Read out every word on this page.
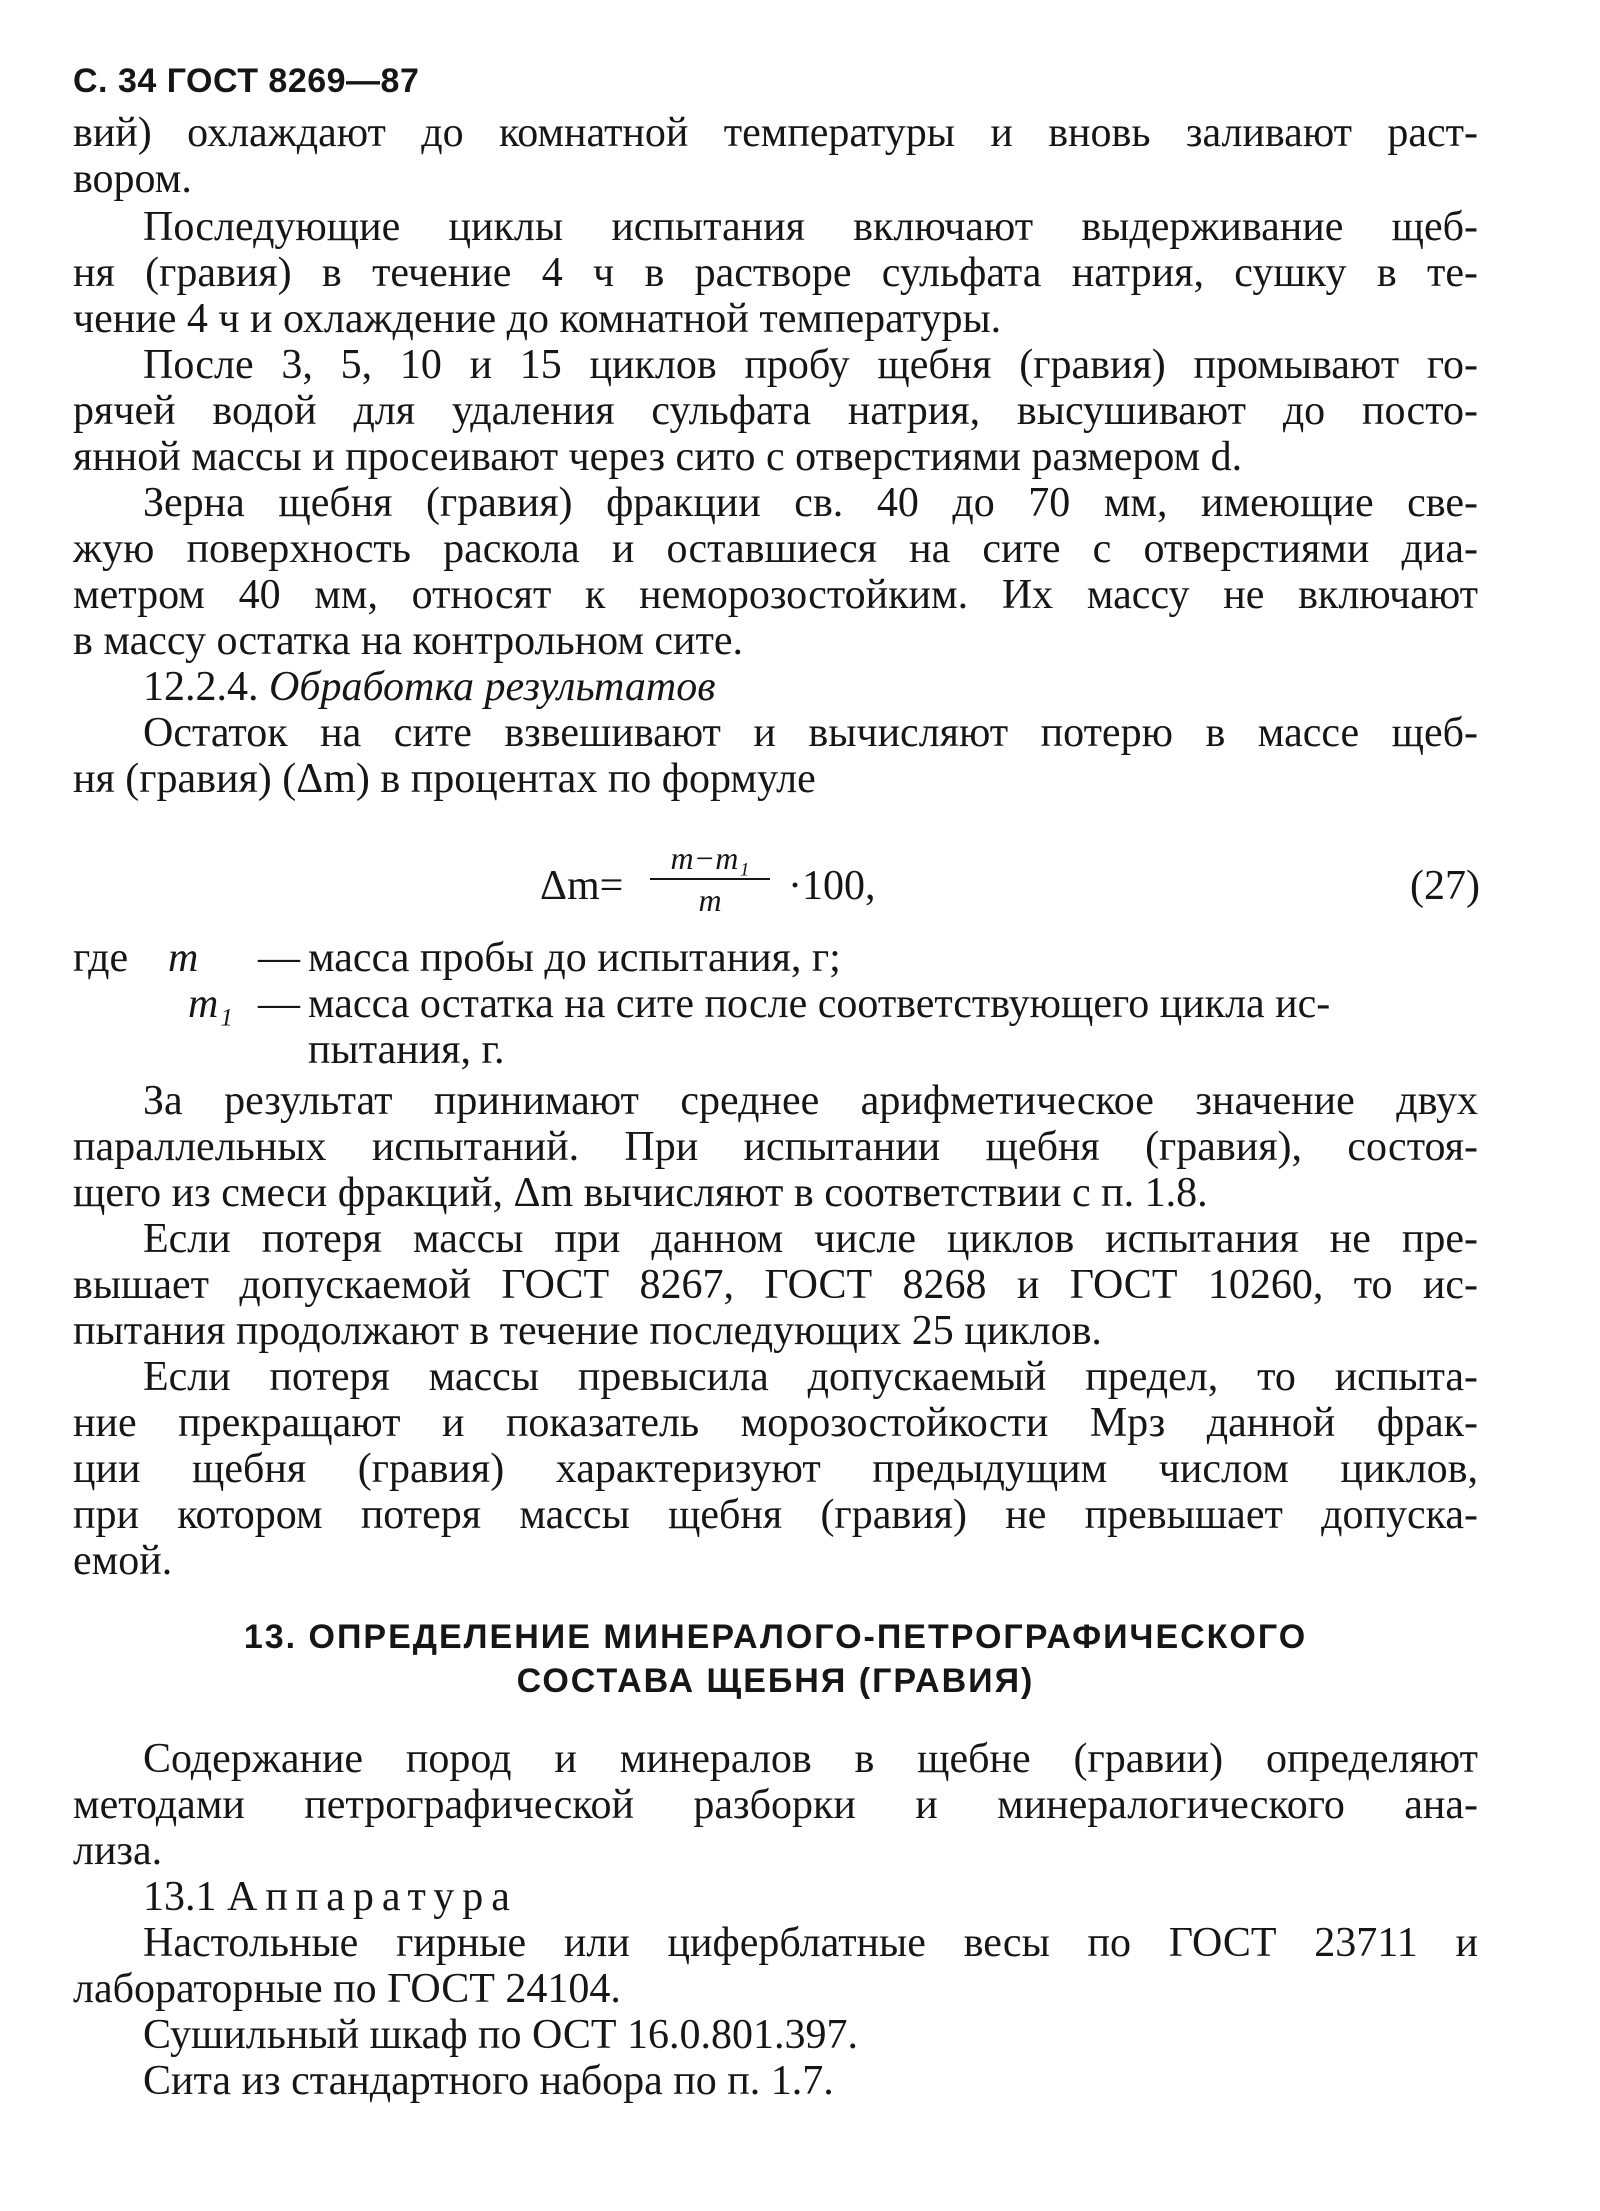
С. 34 ГОСТ 8269—87
вий) охлаждают до комнатной температуры и вновь заливают раст-
вором.
Последующие циклы испытания включают выдерживание щеб-
ня (гравия) в течение 4 ч в растворе сульфата натрия, сушку в те-
чение 4 ч и охлаждение до комнатной температуры.
После 3, 5, 10 и 15 циклов пробу щебня (гравия) промывают го-
рячей водой для удаления сульфата натрия, высушивают до посто-
янной массы и просеивают через сито с отверстиями размером d.
Зерна щебня (гравия) фракции св. 40 до 70 мм, имеющие све-
жую поверхность раскола и оставшиеся на сите с отверстиями диа-
метром 40 мм, относят к неморозостойким. Их массу не включают
в массу остатка на контрольном сите.
12.2.4. Обработка результатов
Остаток на сите взвешивают и вычисляют потерю в массе щеб-
ня (гравия) (Δm) в процентах по формуле
Δm=
m−m₁
m	·100,	(27)
где m	— масса пробы до испытания, г;
m₁ — масса остатка на сите после соответствующего цикла ис-
пытания, г.
За результат принимают среднее арифметическое значение двух
параллельных испытаний. При испытании щебня (гравия), состоя-
щего из смеси фракций, Δm вычисляют в соответствии с п. 1.8.
Если потеря массы при данном числе циклов испытания не пре-
вышает допускаемой ГОСТ 8267, ГОСТ 8268 и ГОСТ 10260, то ис-
пытания продолжают в течение последующих 25 циклов.
Если потеря массы превысила допускаемый предел, то испыта-
ние прекращают и показатель морозостойкости Мрз данной фрак-
ции щебня (гравия) характеризуют предыдущим числом циклов,
при котором потеря массы щебня (гравия) не превышает допуска-
емой.
13. ОПРЕДЕЛЕНИЕ МИНЕРАЛОГО-ПЕТРОГРАФИЧЕСКОГО
СОСТАВА ЩЕБНЯ (ГРАВИЯ)
Содержание пород и минералов в щебне (гравии) определяют
методами петрографической разборки и минералогического ана-
лиза.
13.1 Аппаратура
Настольные гирные или циферблатные весы по ГОСТ 23711 и
лабораторные по ГОСТ 24104.
Сушильный шкаф по ОСТ 16.0.801.397.
Сита из стандартного набора по п. 1.7.
